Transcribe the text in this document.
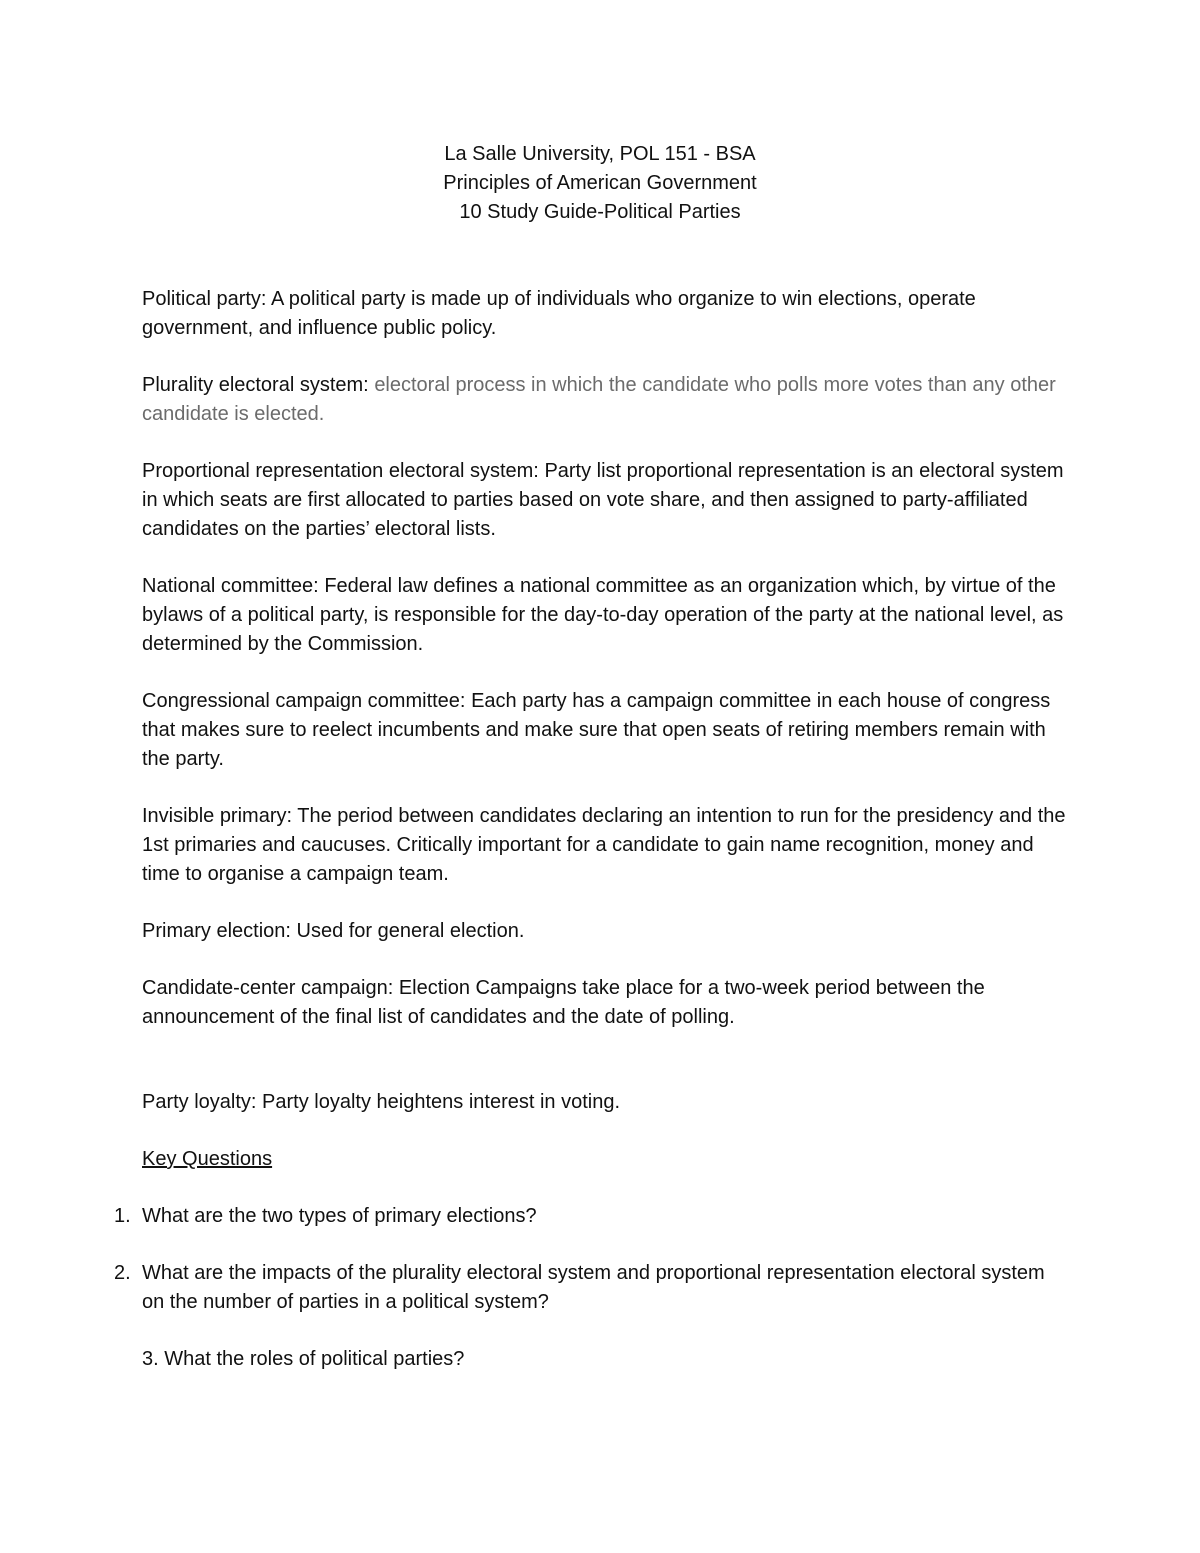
La Salle University, POL 151 - BSA
Principles of American Government
10 Study Guide-Political Parties

Political party: A political party is made up of individuals who organize to win elections, operate government, and influence public policy.

Plurality electoral system: electoral process in which the candidate who polls more votes than any other candidate is elected.

Proportional representation electoral system: Party list proportional representation is an electoral system in which seats are first allocated to parties based on vote share, and then assigned to party-affiliated candidates on the parties’ electoral lists.

National committee: Federal law defines a national committee as an organization which, by virtue of the bylaws of a political party, is responsible for the day-to-day operation of the party at the national level, as determined by the Commission.

Congressional campaign committee: Each party has a campaign committee in each house of congress that makes sure to reelect incumbents and make sure that open seats of retiring members remain with the party.

Invisible primary: The period between candidates declaring an intention to run for the presidency and the 1st primaries and caucuses. Critically important for a candidate to gain name recognition, money and time to organise a campaign team.

Primary election: Used for general election.

Candidate-center campaign: Election Campaigns take place for a two-week period between the announcement of the final list of candidates and the date of polling.

Party loyalty: Party loyalty heightens interest in voting.

Key Questions

1. What are the two types of primary elections?
2. What are the impacts of the plurality electoral system and proportional representation electoral system on the number of parties in a political system?
3. What the roles of political parties?
